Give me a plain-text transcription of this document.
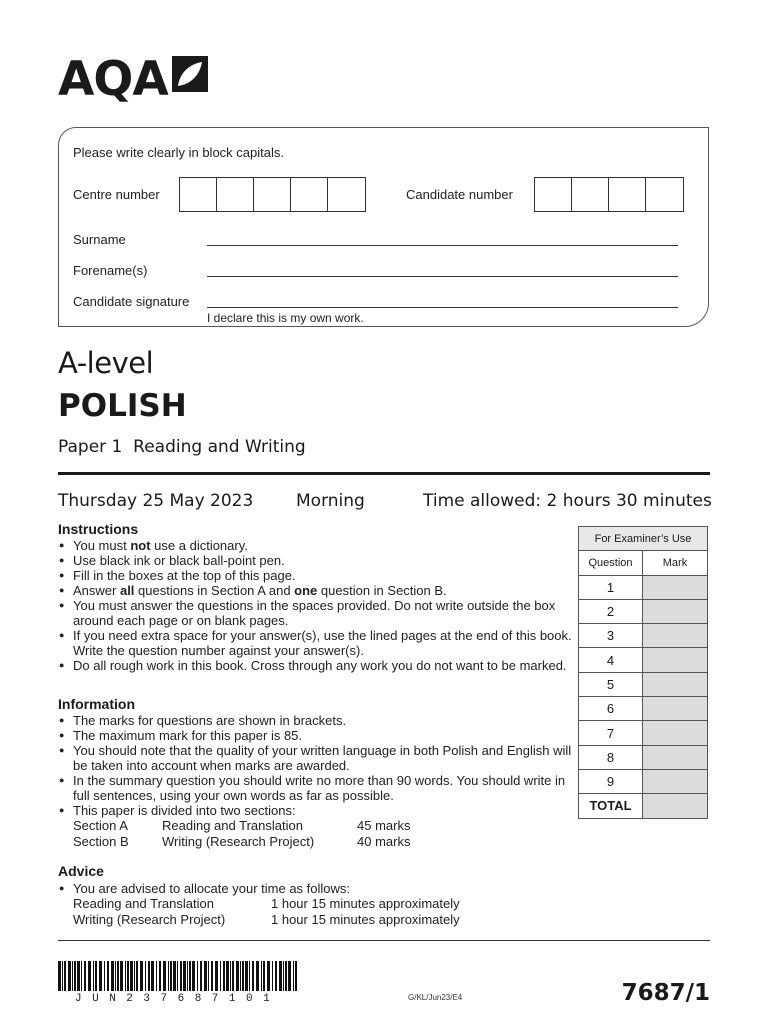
AQA
Please write clearly in block capitals.
Centre number	Candidate number
Surname
Forename(s)
Candidate signature
I declare this is my own work.
A-level
POLISH
Paper 1  Reading and Writing
Thursday 25 May 2023	Morning	Time allowed: 2 hours 30 minutes
Instructions
● You must not use a dictionary.
● Use black ink or black ball-point pen.
● Fill in the boxes at the top of this page.
● Answer all questions in Section A and one question in Section B.
● You must answer the questions in the spaces provided. Do not write outside the box around each page or on blank pages.
● If you need extra space for your answer(s), use the lined pages at the end of this book. Write the question number against your answer(s).
● Do all rough work in this book. Cross through any work you do not want to be marked.
Information
● The marks for questions are shown in brackets.
● The maximum mark for this paper is 85.
● You should note that the quality of your written language in both Polish and English will be taken into account when marks are awarded.
● In the summary question you should write no more than 90 words. You should write in full sentences, using your own words as far as possible.
● This paper is divided into two sections:
Section A	Reading and Translation	45 marks
Section B	Writing (Research Project)	40 marks
Advice
● You are advised to allocate your time as follows:
Reading and Translation	1 hour 15 minutes approximately
Writing (Research Project)	1 hour 15 minutes approximately
For Examiner’s Use	
Question	Mark
1	
2	
3	
4	
5	
6	
7	
8	
9	
TOTAL	
JUN237687101	G/KL/Jun23/E4	7687/1
